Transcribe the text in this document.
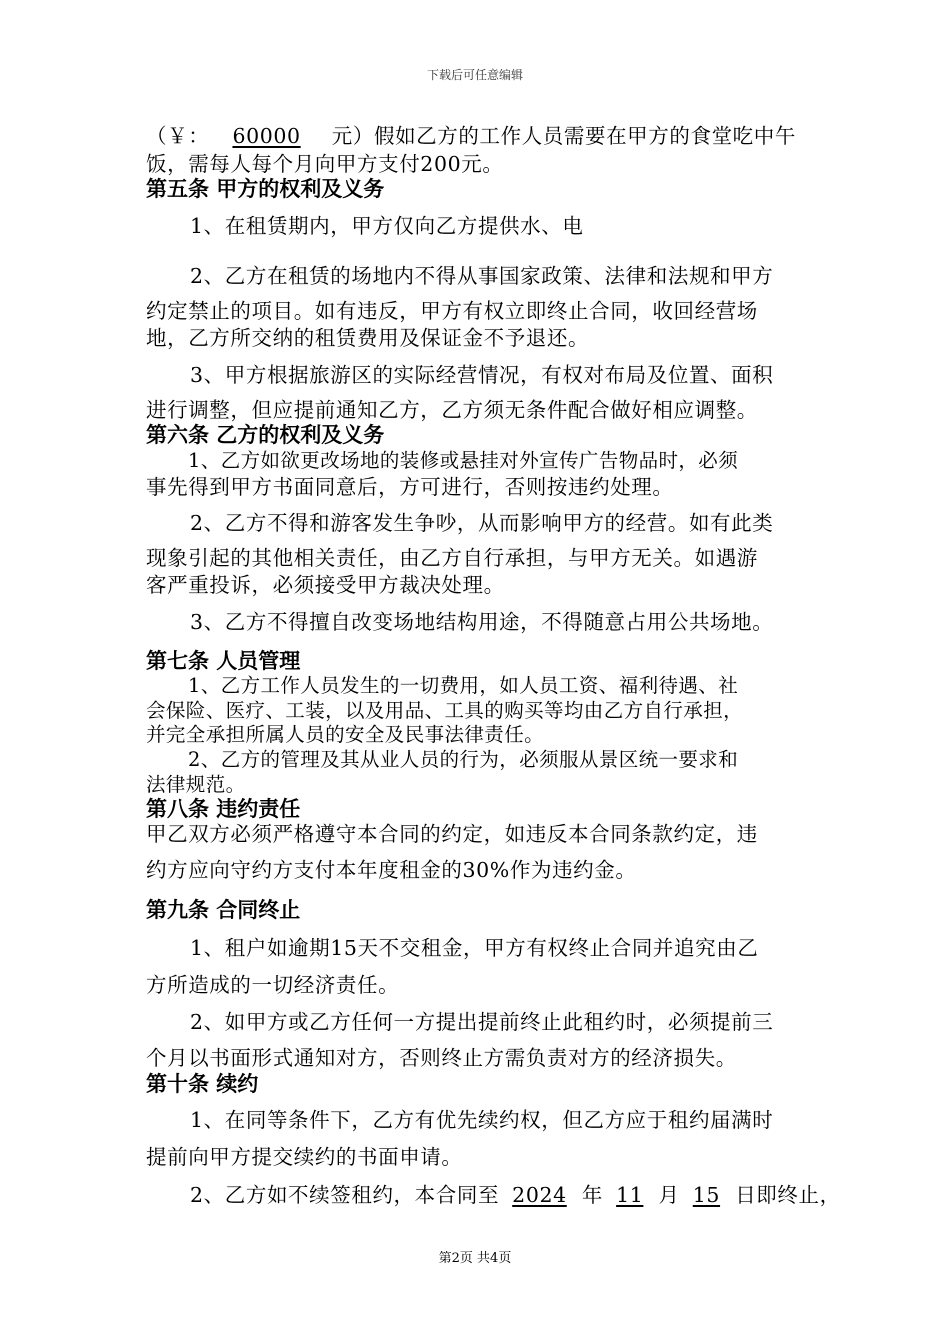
下载后可任意编辑
（￥： 60000 元）假如乙方的工作人员需要在甲方的食堂吃中午
饭，需每人每个月向甲方支付200元。
第五条 甲方的权利及义务
1、在租赁期内，甲方仅向乙方提供水、电
2、乙方在租赁的场地内不得从事国家政策、法律和法规和甲方
约定禁止的项目。如有违反，甲方有权立即终止合同，收回经营场
地，乙方所交纳的租赁费用及保证金不予退还。
3、甲方根据旅游区的实际经营情况，有权对布局及位置、面积
进行调整，但应提前通知乙方，乙方须无条件配合做好相应调整。
第六条 乙方的权利及义务
1、乙方如欲更改场地的装修或悬挂对外宣传广告物品时，必须
事先得到甲方书面同意后，方可进行，否则按违约处理。
2、乙方不得和游客发生争吵，从而影响甲方的经营。如有此类
现象引起的其他相关责任，由乙方自行承担，与甲方无关。如遇游
客严重投诉，必须接受甲方裁决处理。
3、乙方不得擅自改变场地结构用途，不得随意占用公共场地。
第七条 人员管理
1、乙方工作人员发生的一切费用，如人员工资、福利待遇、社
会保险、医疗、工装，以及用品、工具的购买等均由乙方自行承担，
并完全承担所属人员的安全及民事法律责任。
2、乙方的管理及其从业人员的行为，必须服从景区统一要求和
法律规范。
第八条 违约责任
甲乙双方必须严格遵守本合同的约定，如违反本合同条款约定，违
约方应向守约方支付本年度租金的30%作为违约金。
第九条 合同终止
1、租户如逾期15天不交租金，甲方有权终止合同并追究由乙
方所造成的一切经济责任。
2、如甲方或乙方任何一方提出提前终止此租约时，必须提前三
个月以书面形式通知对方，否则终止方需负责对方的经济损失。
第十条 续约
1、在同等条件下，乙方有优先续约权，但乙方应于租约届满时
提前向甲方提交续约的书面申请。
2、乙方如不续签租约，本合同至 2024 年 11 月 15 日即终止，
第2页 共4页
